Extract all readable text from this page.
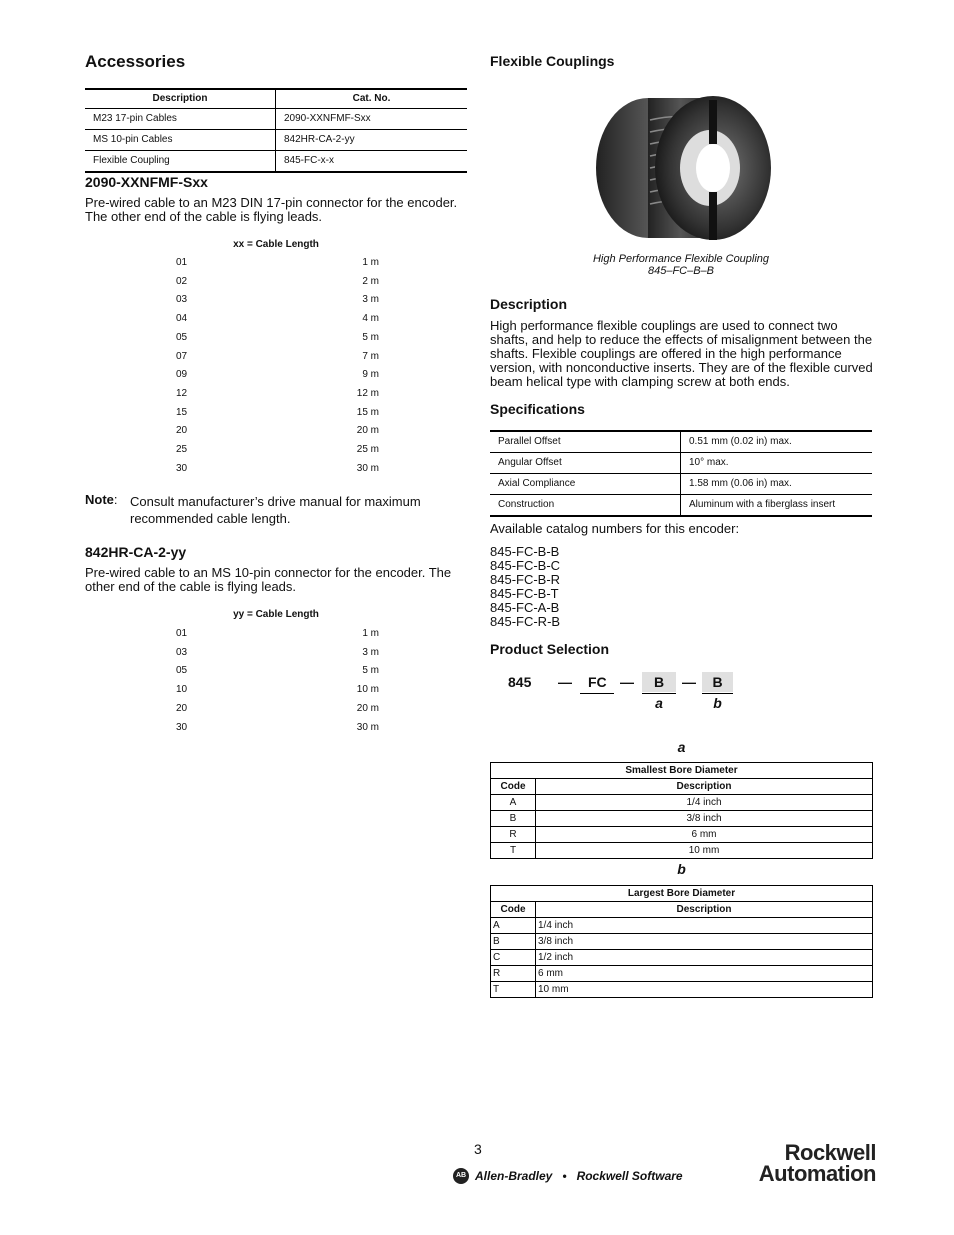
Accessories
Description	Cat. No.
M23 17-pin Cables	2090-XXNFMF-Sxx
MS 10-pin Cables	842HR-CA-2-yy
Flexible Coupling	845-FC-x-x
2090-XXNFMF-Sxx
Pre-wired cable to an M23 DIN 17-pin connector for the encoder. The other end of the cable is flying leads.
xx = Cable Length
01	1 m
02	2 m
03	3 m
04	4 m
05	5 m
07	7 m
09	9 m
12	12 m
15	15 m
20	20 m
25	25 m
30	30 m
Note: Consult manufacturer’s drive manual for maximum recommended cable length.
842HR-CA-2-yy
Pre-wired cable to an MS 10-pin connector for the encoder. The other end of the cable is flying leads.
yy = Cable Length
01	1 m
03	3 m
05	5 m
10	10 m
20	20 m
30	30 m
Flexible Couplings
High Performance Flexible Coupling
845–FC–B–B
Description
High performance flexible couplings are used to connect two shafts, and help to reduce the effects of misalignment between the shafts. Flexible couplings are offered in the high performance version, with nonconductive inserts. They are of the flexible curved beam helical type with clamping screw at both ends.
Specifications
Parallel Offset	0.51 mm (0.02 in) max.
Angular Offset	10° max.
Axial Compliance	1.58 mm (0.06 in) max.
Construction	Aluminum with a fiberglass insert
Available catalog numbers for this encoder:
845-FC-B-B
845-FC-B-C
845-FC-B-R
845-FC-B-T
845-FC-A-B
845-FC-R-B
Product Selection
845 — FC —	B	—	B
a	b
a
Smallest Bore Diameter	
Code	Description
A	1/4 inch
B	3/8 inch
R	6 mm
T	10 mm
b
Largest Bore Diameter	
Code	Description
A	1/4 inch
B	3/8 inch
C	1/2 inch
R	6 mm
T	10 mm
3
AB Allen-Bradley • Rockwell Software
Rockwell
Automation
